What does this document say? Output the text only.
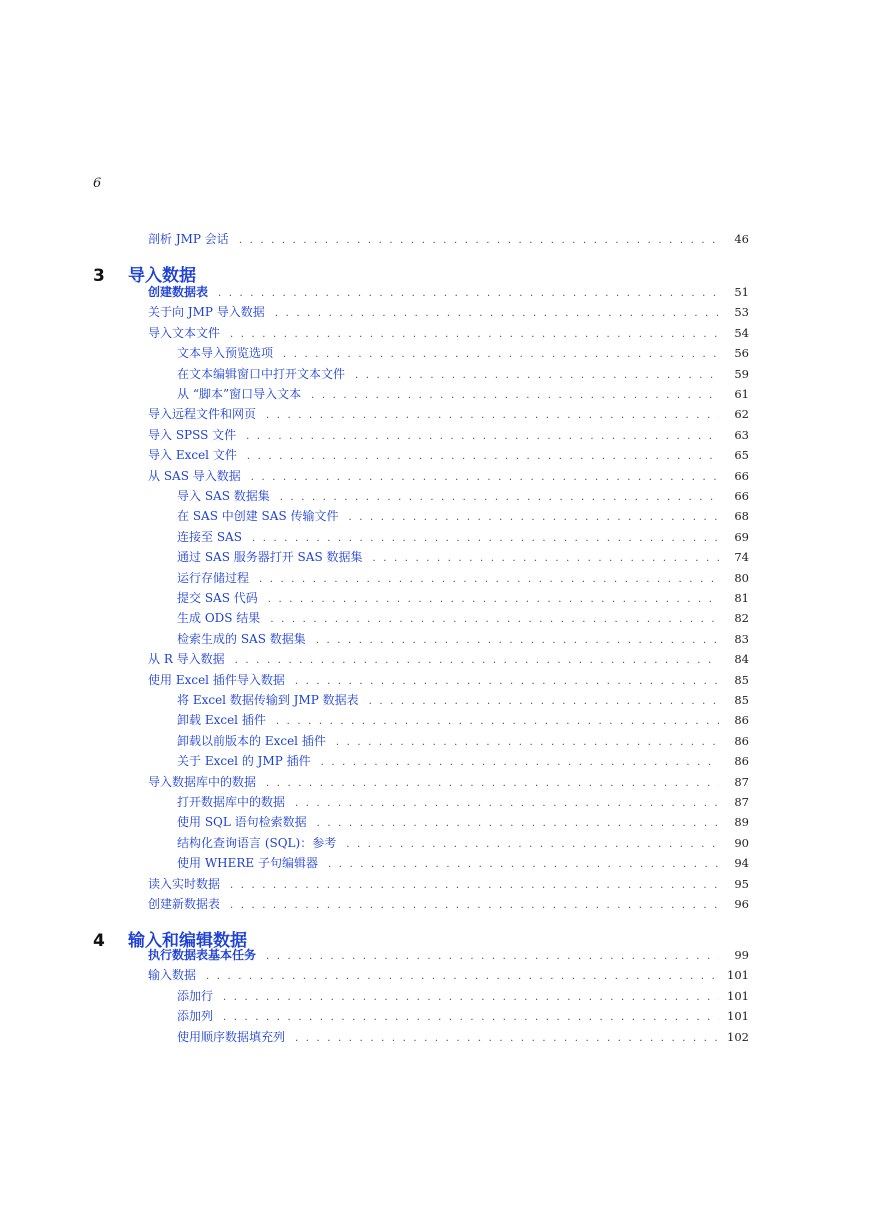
6
剖析 JMP 会话 . . .	46
3	导入数据
创建数据表 . . .	51
关于向 JMP 导入数据 . . .	53
导入文本文件 . . .	54
文本导入预览选项 . . .	56
在文本编辑窗口中打开文本文件 . . .	59
从 “脚本”窗口导入文本 . . .	61
导入远程文件和网页 . . .	62
导入 SPSS 文件 . . .	63
导入 Excel 文件 . . .	65
从 SAS 导入数据 . . .	66
导入 SAS 数据集 . . .	66
在 SAS 中创建 SAS 传输文件 . . .	68
连接至 SAS . . .	69
通过 SAS 服务器打开 SAS 数据集 . . .	74
运行存储过程 . . .	80
提交 SAS 代码 . . .	81
生成 ODS 结果 . . .	82
检索生成的 SAS 数据集 . . .	83
从 R 导入数据 . . .	84
使用 Excel 插件导入数据 . . .	85
将 Excel 数据传输到 JMP 数据表 . . .	85
卸载 Excel 插件 . . .	86
卸载以前版本的 Excel 插件 . . .	86
关于 Excel 的 JMP 插件 . . .	86
导入数据库中的数据 . . .	87
打开数据库中的数据 . . .	87
使用 SQL 语句检索数据 . . .	89
结构化查询语言 (SQL)：参考 . . .	90
使用 WHERE 子句编辑器 . . .	94
读入实时数据 . . .	95
创建新数据表 . . .	96
4	输入和编辑数据
执行数据表基本任务 . . .	99
输入数据 . . .	101
添加行 . . .	101
添加列 . . .	101
使用顺序数据填充列 . . .	102
